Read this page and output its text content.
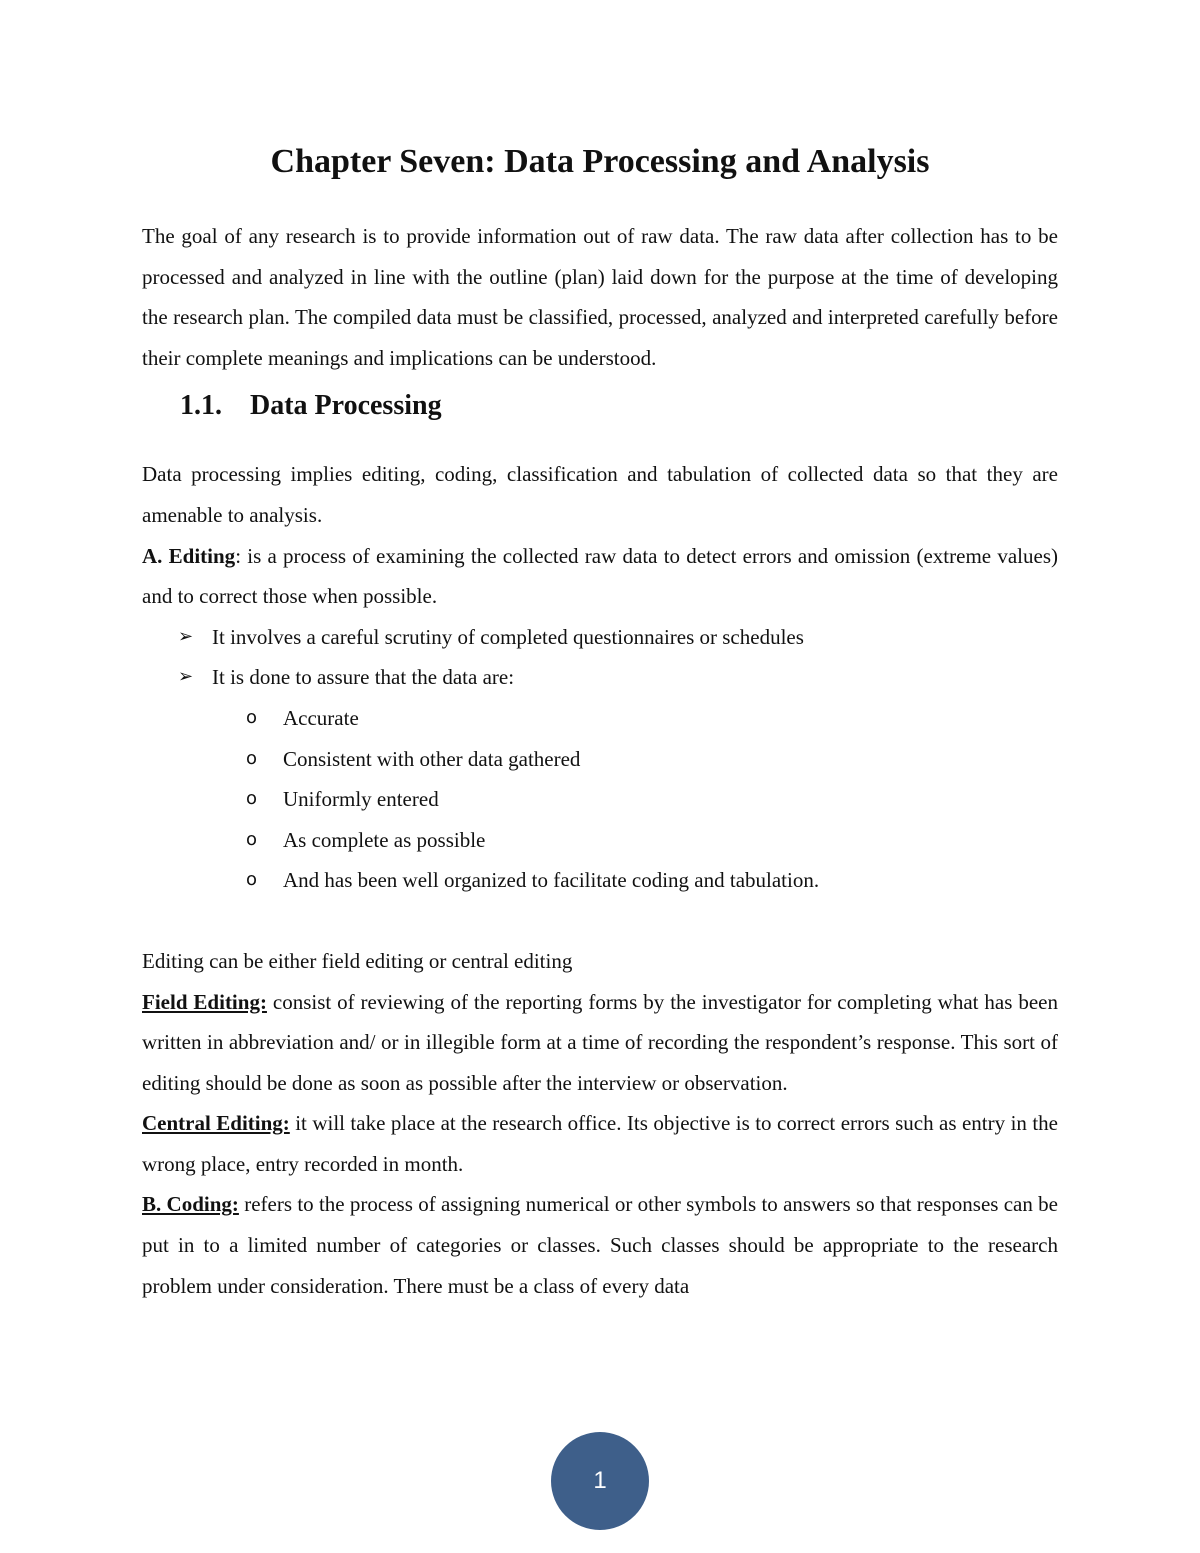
Chapter Seven: Data Processing and Analysis

The goal of any research is to provide information out of raw data. The raw data after collection has to be processed and analyzed in line with the outline (plan) laid down for the purpose at the time of developing the research plan. The compiled data must be classified, processed, analyzed and interpreted carefully before their complete meanings and implications can be understood.

1.1. Data Processing

Data processing implies editing, coding, classification and tabulation of collected data so that they are amenable to analysis.

A. Editing: is a process of examining the collected raw data to detect errors and omission (extreme values) and to correct those when possible.

➢ It involves a careful scrutiny of completed questionnaires or schedules
➢ It is done to assure that the data are:
o Accurate
o Consistent with other data gathered
o Uniformly entered
o As complete as possible
o And has been well organized to facilitate coding and tabulation.

Editing can be either field editing or central editing

Field Editing: consist of reviewing of the reporting forms by the investigator for completing what has been written in abbreviation and/ or in illegible form at a time of recording the respondent’s response. This sort of editing should be done as soon as possible after the interview or observation.

Central Editing: it will take place at the research office. Its objective is to correct errors such as entry in the wrong place, entry recorded in month.

B. Coding: refers to the process of assigning numerical or other symbols to answers so that responses can be put in to a limited number of categories or classes. Such classes should be appropriate to the research problem under consideration. There must be a class of every data

1
